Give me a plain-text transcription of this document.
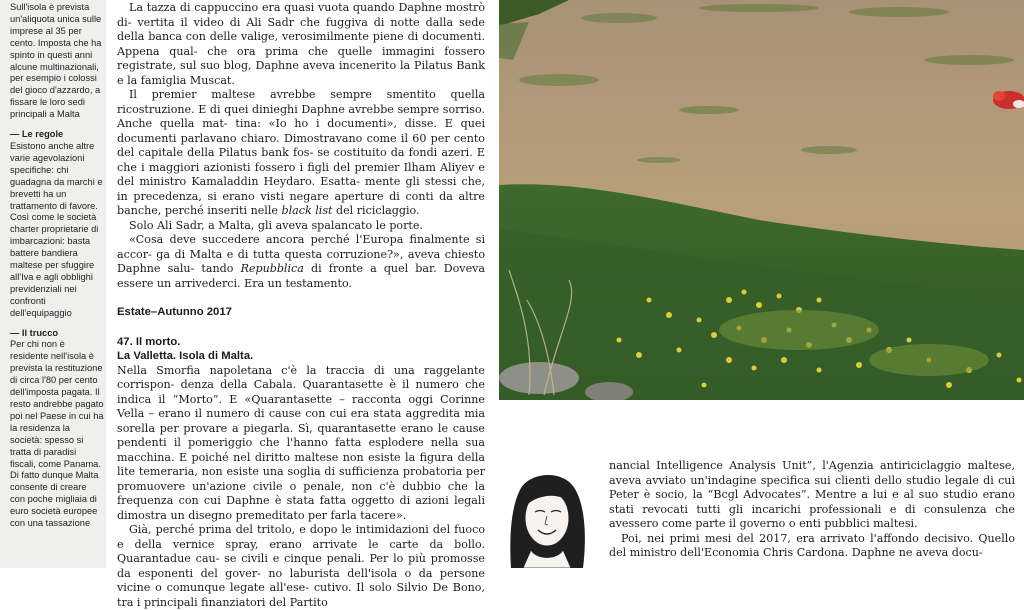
Sull'isola è prevista un'aliquota unica sulle imprese al 35 per cento. Imposta che ha spinto in questi anni alcune multinazionali, per esempio i colossi del gioco d'azzardo, a fissare le loro sedi principali a Malta

— Le regole

Esistono anche altre varie agevolazioni specifiche: chi guadagna da marchi e brevetti ha un trattamento di favore. Così come le società charter proprietarie di imbarcazioni: basta battere bandiera maltese per sfuggire all'Iva e agli obblighi previdenziali nei confronti dell'equipaggio

— Il trucco

Per chi non è residente nell'isola è prevista la restituzione di circa l'80 per cento dell'imposta pagata. Il resto andrebbe pagato poi nel Paese in cui ha la residenza la società: spesso si tratta di paradisi fiscali, come Panama. Di fatto dunque Malta consente di creare con poche migliaia di euro società europee con una tassazione

La tazza di cappuccino era quasi vuota quando Daphne mostrò di- vertita il video di Ali Sadr che fuggiva di notte dalla sede della banca con delle valige, verosimilmente piene di documenti. Appena qual- che ora prima che quelle immagini fossero registrate, sul suo blog, Daphne aveva incenerito la Pilatus Bank e la famiglia Muscat.

Il premier maltese avrebbe sempre smentito quella ricostruzione. E di quei dinieghi Daphne avrebbe sempre sorriso. Anche quella mat- tina: «Io ho i documenti», disse. E quei documenti parlavano chiaro. Dimostravano come il 60 per cento del capitale della Pilatus bank fos- se costituito da fondi azeri. E che i maggiori azionisti fossero i figli del premier Ilham Aliyev e del ministro Kamaladdin Heydaro. Esatta- mente gli stessi che, in precedenza, si erano visti negare aperture di conti da altre banche, perché inseriti nelle black list del riciclaggio.

Solo Ali Sadr, a Malta, gli aveva spalancato le porte.

«Cosa deve succedere ancora perché l'Europa finalmente si accor- ga di Malta e di tutta questa corruzione?», aveva chiesto Daphne salu- tando Repubblica di fronte a quel bar. Doveva essere un arrivederci. Era un testamento.

Estate–Autunno 2017

47. Il morto.

La Valletta. Isola di Malta.

Nella Smorfia napoletana c'è la traccia di una raggelante corrispon- denza della Cabala. Quarantasette è il numero che indica il “Morto”. E «Quarantasette – racconta oggi Corinne Vella – erano il numero di cause con cui era stata aggredita mia sorella per provare a piegarla. Sì, quarantasette erano le cause pendenti il pomeriggio che l'hanno fatta esplodere nella sua macchina. E poiché nel diritto maltese non esiste la figura della lite temeraria, non esiste una soglia di sufficienza probatoria per promuovere un'azione civile o penale, non c'è dubbio che la frequenza con cui Daphne è stata fatta oggetto di azioni legali dimostra un disegno premeditato per farla tacere».

Già, perché prima del tritolo, e dopo le intimidazioni del fuoco e della vernice spray, erano arrivate le carte da bollo. Quarantadue cau- se civili e cinque penali. Per lo più promosse da esponenti del gover- no laburista dell'isola o da persone vicine o comunque legate all'ese- cutivo. Il solo Silvio De Bono, tra i principali finanziatori del Partito

nancial Intelligence Analysis Unit”, l'Agenzia antiriciclaggio maltese, aveva avviato un'indagine specifica sui clienti dello studio legale di cui Peter è socio, la “Bcgl Advocates”. Mentre a lui e al suo studio erano stati revocati tutti gli incarichi professionali e di consulenza che avessero come parte il governo o enti pubblici maltesi.

Poi, nei primi mesi del 2017, era arrivato l'affondo decisivo. Quello del ministro dell'Economia Chris Cardona. Daphne ne aveva docu-
